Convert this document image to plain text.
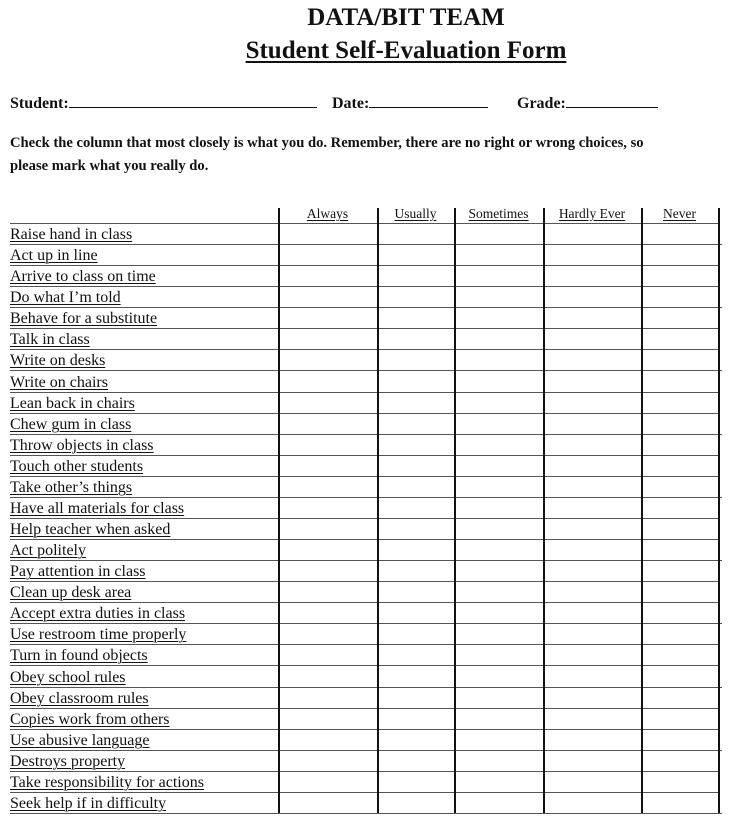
DATA/BIT TEAM
Student Self-Evaluation Form
Student:	Date:	Grade:
Check the column that most closely is what you do. Remember, there are no right or wrong choices, so
please mark what you really do.
Always	Usually	Sometimes	Hardly Ever	Never
Raise hand in class
Act up in line
Arrive to class on time
Do what I’m told
Behave for a substitute
Talk in class
Write on desks
Write on chairs
Lean back in chairs
Chew gum in class
Throw objects in class
Touch other students
Take other’s things
Have all materials for class
Help teacher when asked
Act politely
Pay attention in class
Clean up desk area
Accept extra duties in class
Use restroom time properly
Turn in found objects
Obey school rules
Obey classroom rules
Copies work from others
Use abusive language
Destroys property
Take responsibility for actions
Seek help if in difficulty
